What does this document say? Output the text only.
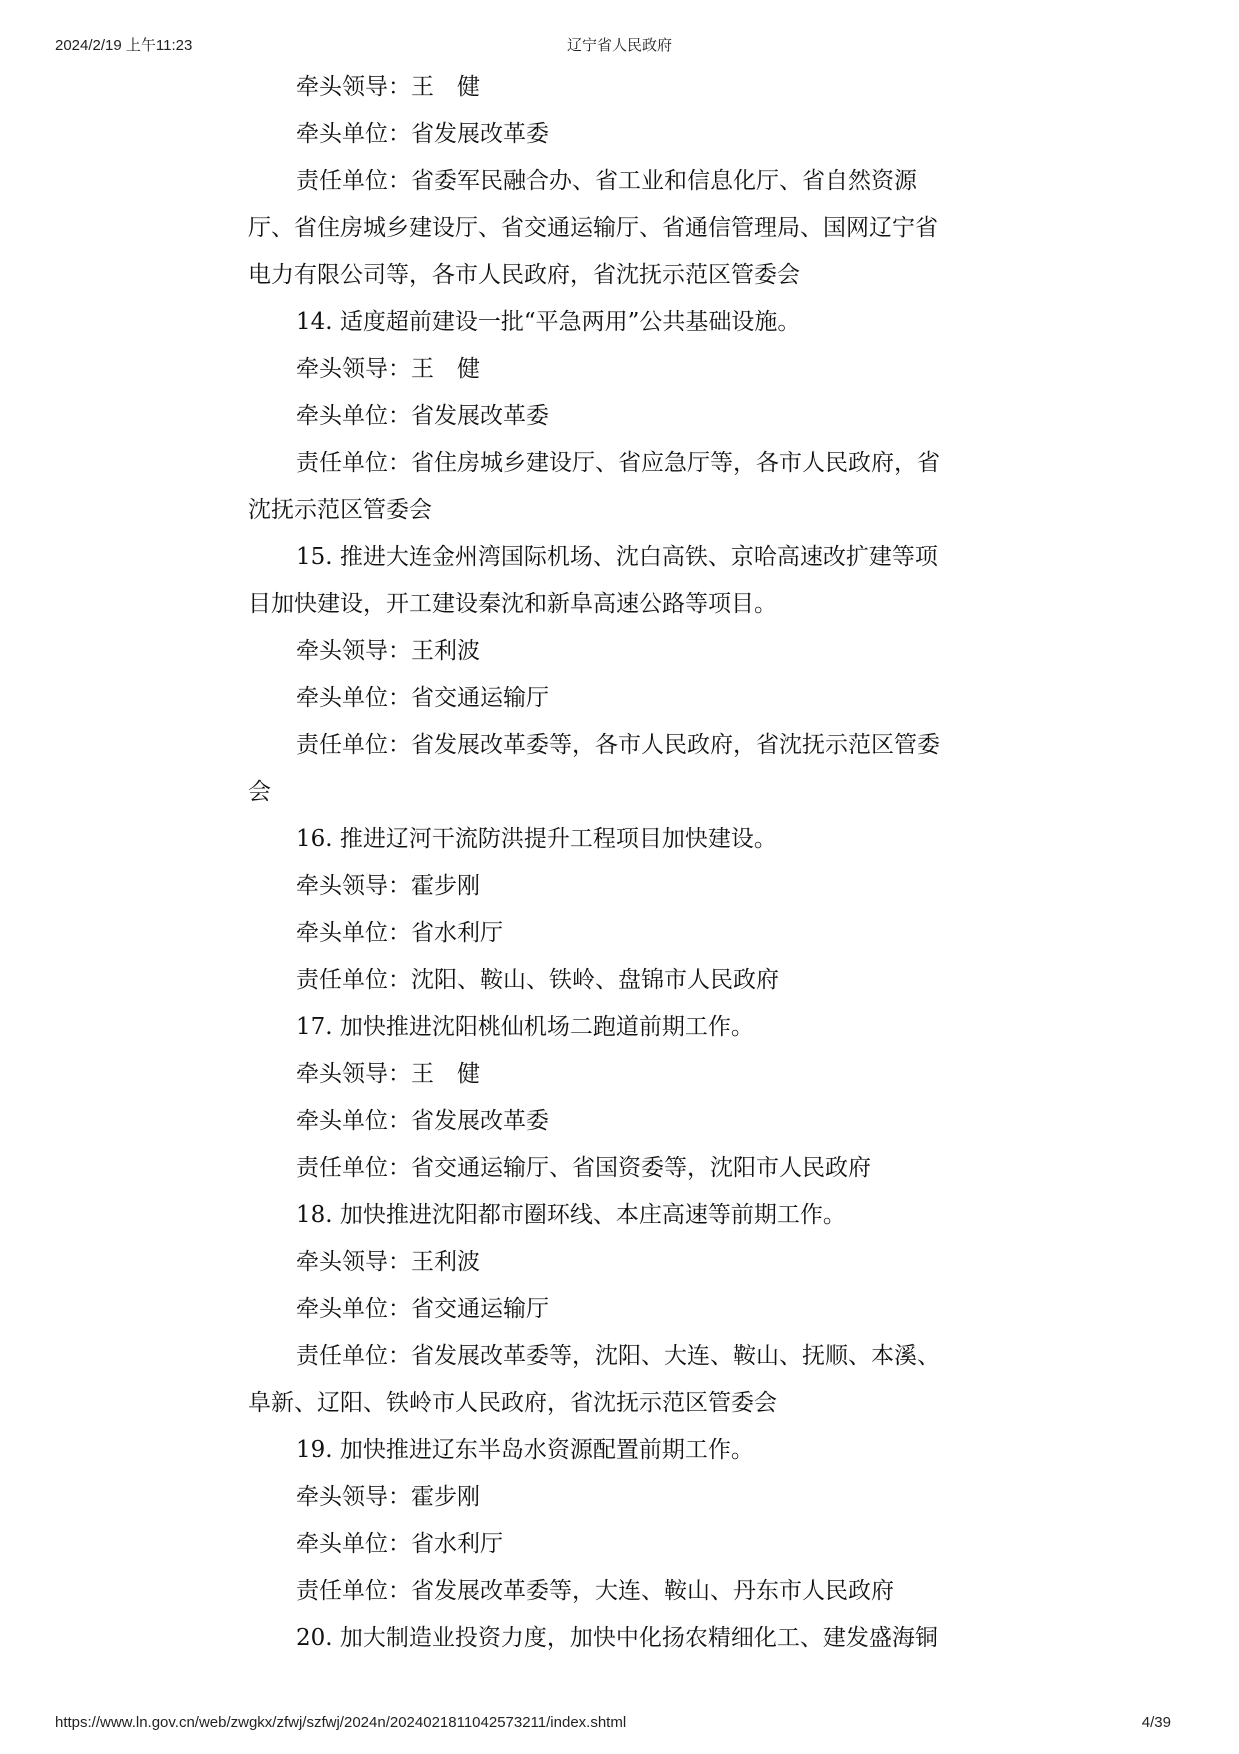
2024/2/19 上午11:23	辽宁省人民政府
牵头领导：王　健
牵头单位：省发展改革委
责任单位：省委军民融合办、省工业和信息化厅、省自然资源
厅、省住房城乡建设厅、省交通运输厅、省通信管理局、国网辽宁省
电力有限公司等，各市人民政府，省沈抚示范区管委会
14. 适度超前建设一批“平急两用”公共基础设施。
牵头领导：王　健
牵头单位：省发展改革委
责任单位：省住房城乡建设厅、省应急厅等，各市人民政府，省
沈抚示范区管委会
15. 推进大连金州湾国际机场、沈白高铁、京哈高速改扩建等项
目加快建设，开工建设秦沈和新阜高速公路等项目。
牵头领导：王利波
牵头单位：省交通运输厅
责任单位：省发展改革委等，各市人民政府，省沈抚示范区管委
会
16. 推进辽河干流防洪提升工程项目加快建设。
牵头领导：霍步刚
牵头单位：省水利厅
责任单位：沈阳、鞍山、铁岭、盘锦市人民政府
17. 加快推进沈阳桃仙机场二跑道前期工作。
牵头领导：王　健
牵头单位：省发展改革委
责任单位：省交通运输厅、省国资委等，沈阳市人民政府
18. 加快推进沈阳都市圈环线、本庄高速等前期工作。
牵头领导：王利波
牵头单位：省交通运输厅
责任单位：省发展改革委等，沈阳、大连、鞍山、抚顺、本溪、
阜新、辽阳、铁岭市人民政府，省沈抚示范区管委会
19. 加快推进辽东半岛水资源配置前期工作。
牵头领导：霍步刚
牵头单位：省水利厅
责任单位：省发展改革委等，大连、鞍山、丹东市人民政府
20. 加大制造业投资力度，加快中化扬农精细化工、建发盛海铜
https://www.ln.gov.cn/web/zwgkx/zfwj/szfwj/2024n/2024021811042573211/index.shtml	4/39
